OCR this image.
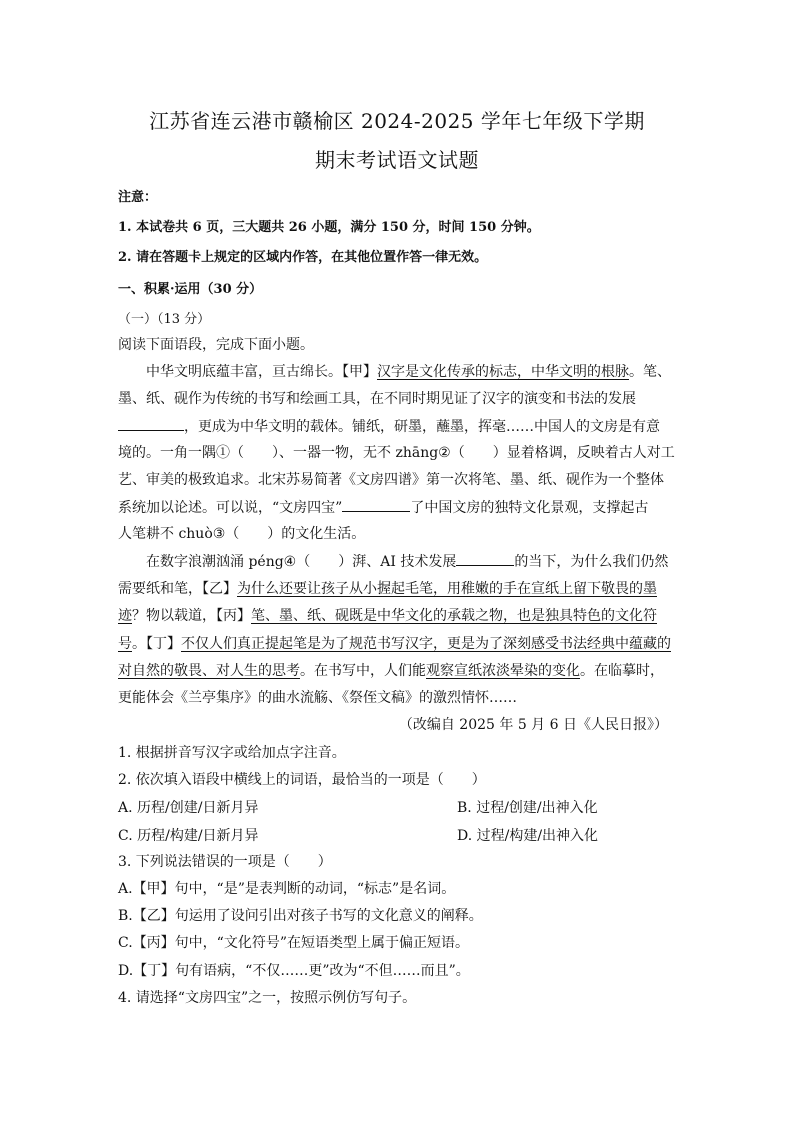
江苏省连云港市赣榆区 2024-2025 学年七年级下学期
期末考试语文试题
注意：
1. 本试卷共 6 页，三大题共 26 小题，满分 150 分，时间 150 分钟。
2. 请在答题卡上规定的区域内作答，在其他位置作答一律无效。
一、积累·运用（30 分）
（一）（13 分）
阅读下面语段，完成下面小题。
中华文明底蕴丰富，亘古绵长。【甲】汉字是文化传承的标志，中华文明的根脉。笔、
墨、纸、砚作为传统的书写和绘画工具，在不同时期见证了汉字的演变和书法的发展
，更成为中华文明的载体。铺纸，研墨，蘸墨，挥毫……中国人的文房是有意
境的。一角一隅①（　　）、一器一物，无不 zhāng②（　　）显着格调，反映着古人对工
艺、审美的极致追求。北宋苏易简著《文房四谱》第一次将笔、墨、纸、砚作为一个整体
系统加以论述。可以说，“文房四宝”	了中国文房的独特文化景观，支撑起古
人笔耕不 chuò③（　　）的文化生活。
在数字浪潮汹涌 péng④（　　）湃、AI 技术发展	的当下，为什么我们仍然
需要纸和笔，【乙】为什么还要让孩子从小握起毛笔，用稚嫩的手在宣纸上留下敬畏的墨
迹？物以载道，【丙】笔、墨、纸、砚既是中华文化的承载之物，也是独具特色的文化符
号。【丁】不仅人们真正提起笔是为了规范书写汉字，更是为了深刻感受书法经典中蕴藏的
对自然的敬畏、对人生的思考。在书写中，人们能观察宣纸浓淡晕染的变化。在临摹时，
更能体会《兰亭集序》的曲水流觞、《祭侄文稿》的激烈情怀……
（改编自 2025 年 5 月 6 日《人民日报》）
1. 根据拼音写汉字或给加点字注音。
2. 依次填入语段中横线上的词语，最恰当的一项是（　　）
A. 历程/创建/日新月异	B. 过程/创建/出神入化
C. 历程/构建/日新月异	D. 过程/构建/出神入化
3. 下列说法错误的一项是（　　）
A.【甲】句中，“是”是表判断的动词，“标志”是名词。
B.【乙】句运用了设问引出对孩子书写的文化意义的阐释。
C.【丙】句中，“文化符号”在短语类型上属于偏正短语。
D.【丁】句有语病，“不仅……更”改为“不但……而且”。
4. 请选择“文房四宝”之一，按照示例仿写句子。
